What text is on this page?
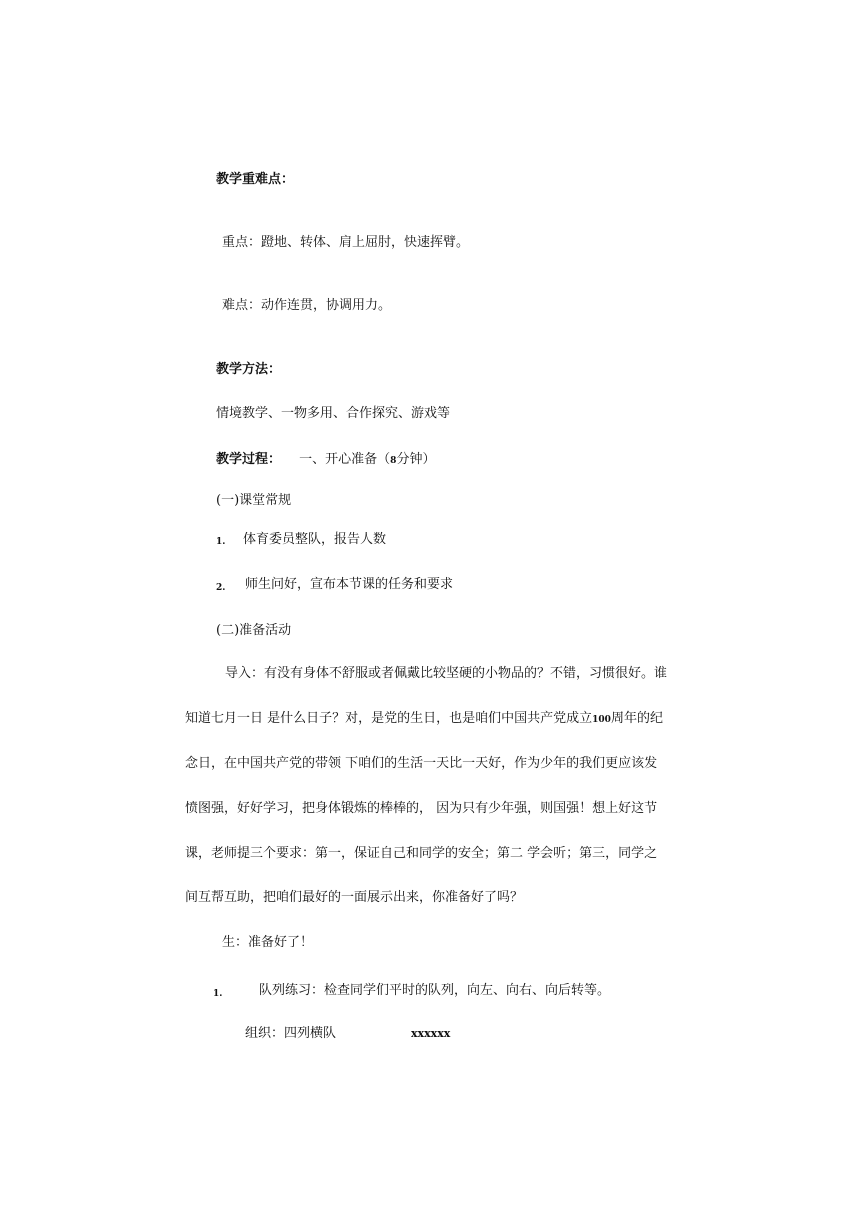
教学重难点：
重点：蹬地、转体、肩上屈肘，快速挥臂。
难点：动作连贯，协调用力。
教学方法：
情境教学、一物多用、合作探究、游戏等
教学过程： 一、开心准备（8分钟）
(一)课堂常规
1. 体育委员整队，报告人数
2. 师生问好，宣布本节课的任务和要求
(二)准备活动
导入：有没有身体不舒服或者佩戴比较坚硬的小物品的？不错，习惯很好。谁
知道七月一日 是什么日子？对，是党的生日，也是咱们中国共产党成立100周年的纪
念日，在中国共产党的带领 下咱们的生活一天比一天好，作为少年的我们更应该发
愤图强，好好学习，把身体锻炼的棒棒的， 因为只有少年强，则国强！想上好这节
课，老师提三个要求：第一，保证自己和同学的安全；第二 学会听；第三，同学之
间互帮互助，把咱们最好的一面展示出来，你准备好了吗？
生：准备好了！
1.	队列练习：检查同学们平时的队列，向左、向右、向后转等。
组织：四列横队	xxxxxx
